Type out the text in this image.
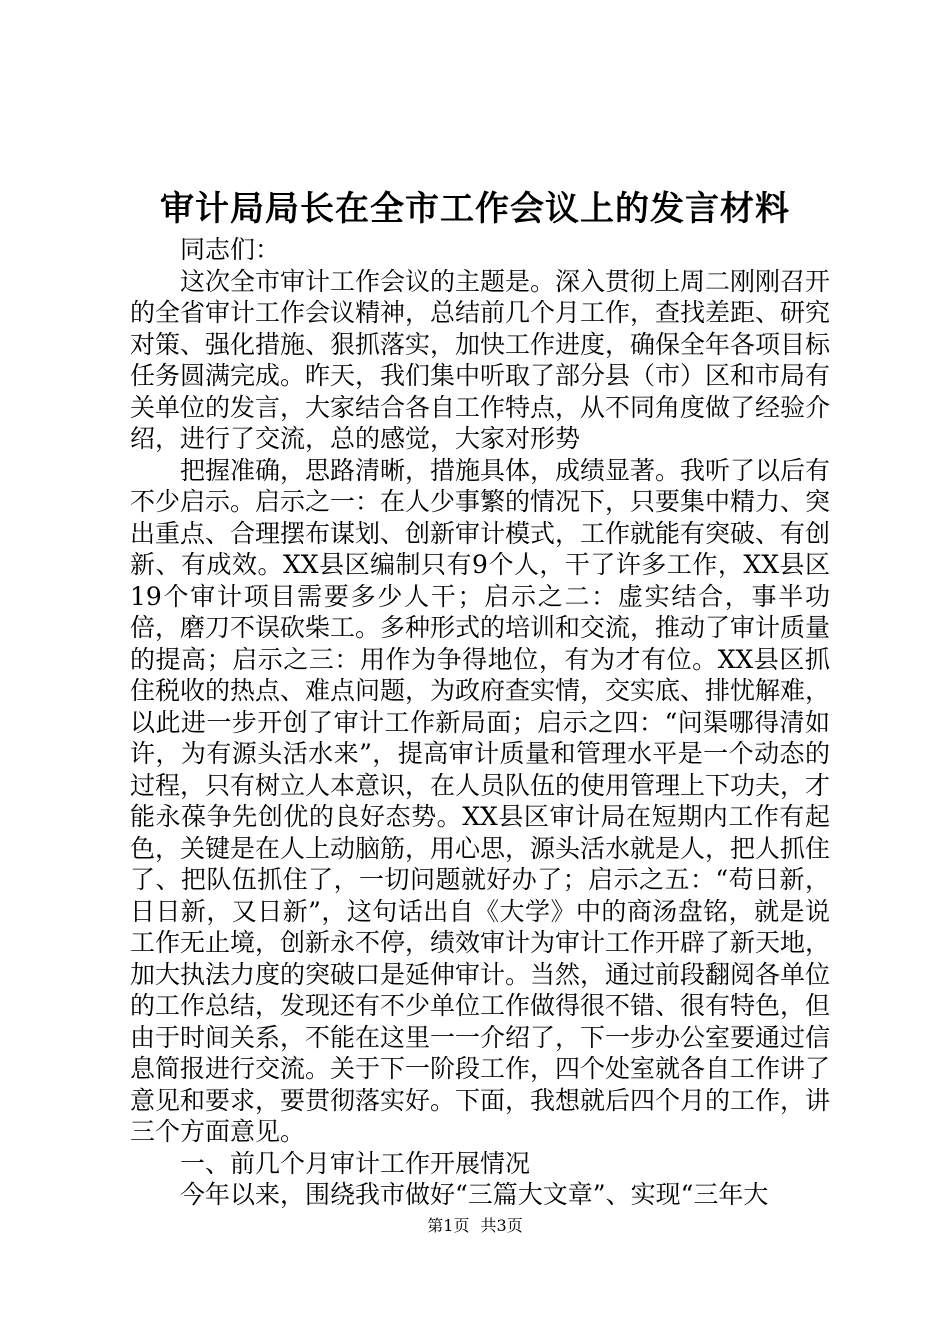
审计局局长在全市工作会议上的发言材料

同志们：

这次全市审计工作会议的主题是。深入贯彻上周二刚刚召开的全省审计工作会议精神，总结前几个月工作，查找差距、研究对策、强化措施、狠抓落实，加快工作进度，确保全年各项目标任务圆满完成。昨天，我们集中听取了部分县（市）区和市局有关单位的发言，大家结合各自工作特点，从不同角度做了经验介绍，进行了交流，总的感觉，大家对形势

把握准确，思路清晰，措施具体，成绩显著。我听了以后有不少启示。启示之一：在人少事繁的情况下，只要集中精力、突出重点、合理摆布谋划、创新审计模式，工作就能有突破、有创新、有成效。XX县区编制只有9个人，干了许多工作，XX县区19个审计项目需要多少人干；启示之二：虚实结合，事半功倍，磨刀不误砍柴工。多种形式的培训和交流，推动了审计质量的提高；启示之三：用作为争得地位，有为才有位。XX县区抓住税收的热点、难点问题，为政府查实情，交实底、排忧解难，以此进一步开创了审计工作新局面；启示之四：“问渠哪得清如许，为有源头活水来”，提高审计质量和管理水平是一个动态的过程，只有树立人本意识，在人员队伍的使用管理上下功夫，才能永葆争先创优的良好态势。XX县区审计局在短期内工作有起色，关键是在人上动脑筋，用心思，源头活水就是人，把人抓住了、把队伍抓住了，一切问题就好办了；启示之五：“苟日新，日日新，又日新”，这句话出自《大学》中的商汤盘铭，就是说工作无止境，创新永不停，绩效审计为审计工作开辟了新天地，加大执法力度的突破口是延伸审计。当然，通过前段翻阅各单位的工作总结，发现还有不少单位工作做得很不错、很有特色，但由于时间关系，不能在这里一一介绍了，下一步办公室要通过信息简报进行交流。关于下一阶段工作，四个处室就各自工作讲了意见和要求，要贯彻落实好。下面，我想就后四个月的工作，讲三个方面意见。

一、前几个月审计工作开展情况

今年以来，围绕我市做好“三篇大文章”、实现“三年大

第1页 共3页
